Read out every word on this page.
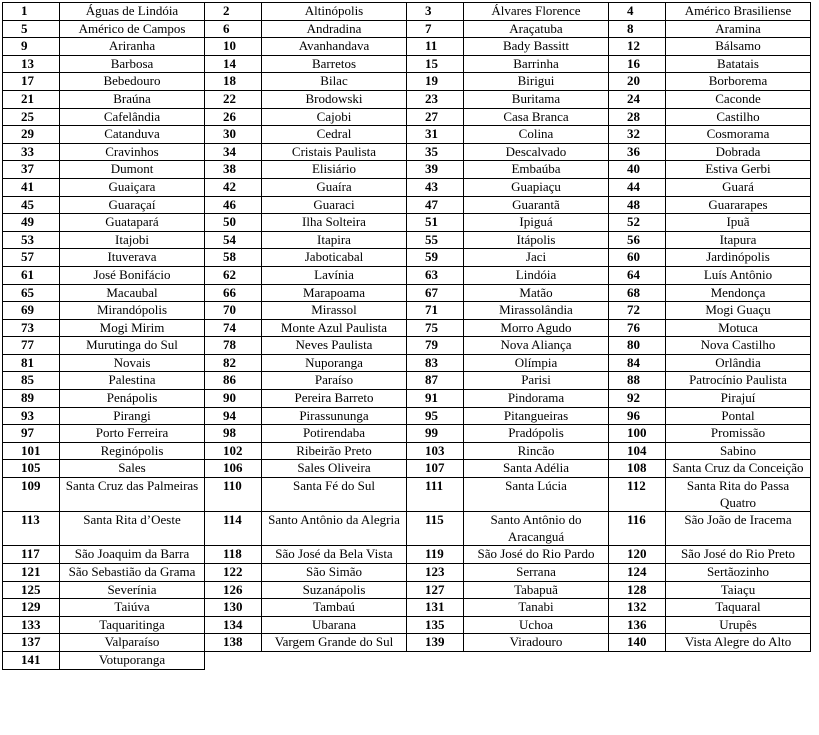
1	Águas de Lindóia	2	Altinópolis	3	Álvares Florence	4	Américo Brasiliense
5	Américo de Campos	6	Andradina	7	Araçatuba	8	Aramina
9	Ariranha	10	Avanhandava	11	Bady Bassitt	12	Bálsamo
13	Barbosa	14	Barretos	15	Barrinha	16	Batatais
17	Bebedouro	18	Bilac	19	Birigui	20	Borborema
21	Braúna	22	Brodowski	23	Buritama	24	Caconde
25	Cafelândia	26	Cajobi	27	Casa Branca	28	Castilho
29	Catanduva	30	Cedral	31	Colina	32	Cosmorama
33	Cravinhos	34	Cristais Paulista	35	Descalvado	36	Dobrada
37	Dumont	38	Elisiário	39	Embaúba	40	Estiva Gerbi
41	Guaiçara	42	Guaíra	43	Guapiaçu	44	Guará
45	Guaraçaí	46	Guaraci	47	Guarantã	48	Guararapes
49	Guatapará	50	Ilha Solteira	51	Ipiguá	52	Ipuã
53	Itajobi	54	Itapira	55	Itápolis	56	Itapura
57	Ituverava	58	Jaboticabal	59	Jaci	60	Jardinópolis
61	José Bonifácio	62	Lavínia	63	Lindóia	64	Luís Antônio
65	Macaubal	66	Marapoama	67	Matão	68	Mendonça
69	Mirandópolis	70	Mirassol	71	Mirassolândia	72	Mogi Guaçu
73	Mogi Mirim	74	Monte Azul Paulista	75	Morro Agudo	76	Motuca
77	Murutinga do Sul	78	Neves Paulista	79	Nova Aliança	80	Nova Castilho
81	Novais	82	Nuporanga	83	Olímpia	84	Orlândia
85	Palestina	86	Paraíso	87	Parisi	88	Patrocínio Paulista
89	Penápolis	90	Pereira Barreto	91	Pindorama	92	Pirajuí
93	Pirangi	94	Pirassununga	95	Pitangueiras	96	Pontal
97	Porto Ferreira	98	Potirendaba	99	Pradópolis	100	Promissão
101	Reginópolis	102	Ribeirão Preto	103	Rincão	104	Sabino
105	Sales	106	Sales Oliveira	107	Santa Adélia	108	Santa Cruz da Conceição
109	Santa Cruz das Palmeiras	110	Santa Fé do Sul	111	Santa Lúcia	112	Santa Rita do Passa Quatro
113	Santa Rita d’Oeste	114	Santo Antônio da Alegria	115	Santo Antônio do Aracanguá	116	São João de Iracema
117	São Joaquim da Barra	118	São José da Bela Vista	119	São José do Rio Pardo	120	São José do Rio Preto
121	São Sebastião da Grama	122	São Simão	123	Serrana	124	Sertãozinho
125	Severínia	126	Suzanápolis	127	Tabapuã	128	Taiaçu
129	Taiúva	130	Tambaú	131	Tanabi	132	Taquaral
133	Taquaritinga	134	Ubarana	135	Uchoa	136	Urupês
137	Valparaíso	138	Vargem Grande do Sul	139	Viradouro	140	Vista Alegre do Alto
141	Votuporanga						
